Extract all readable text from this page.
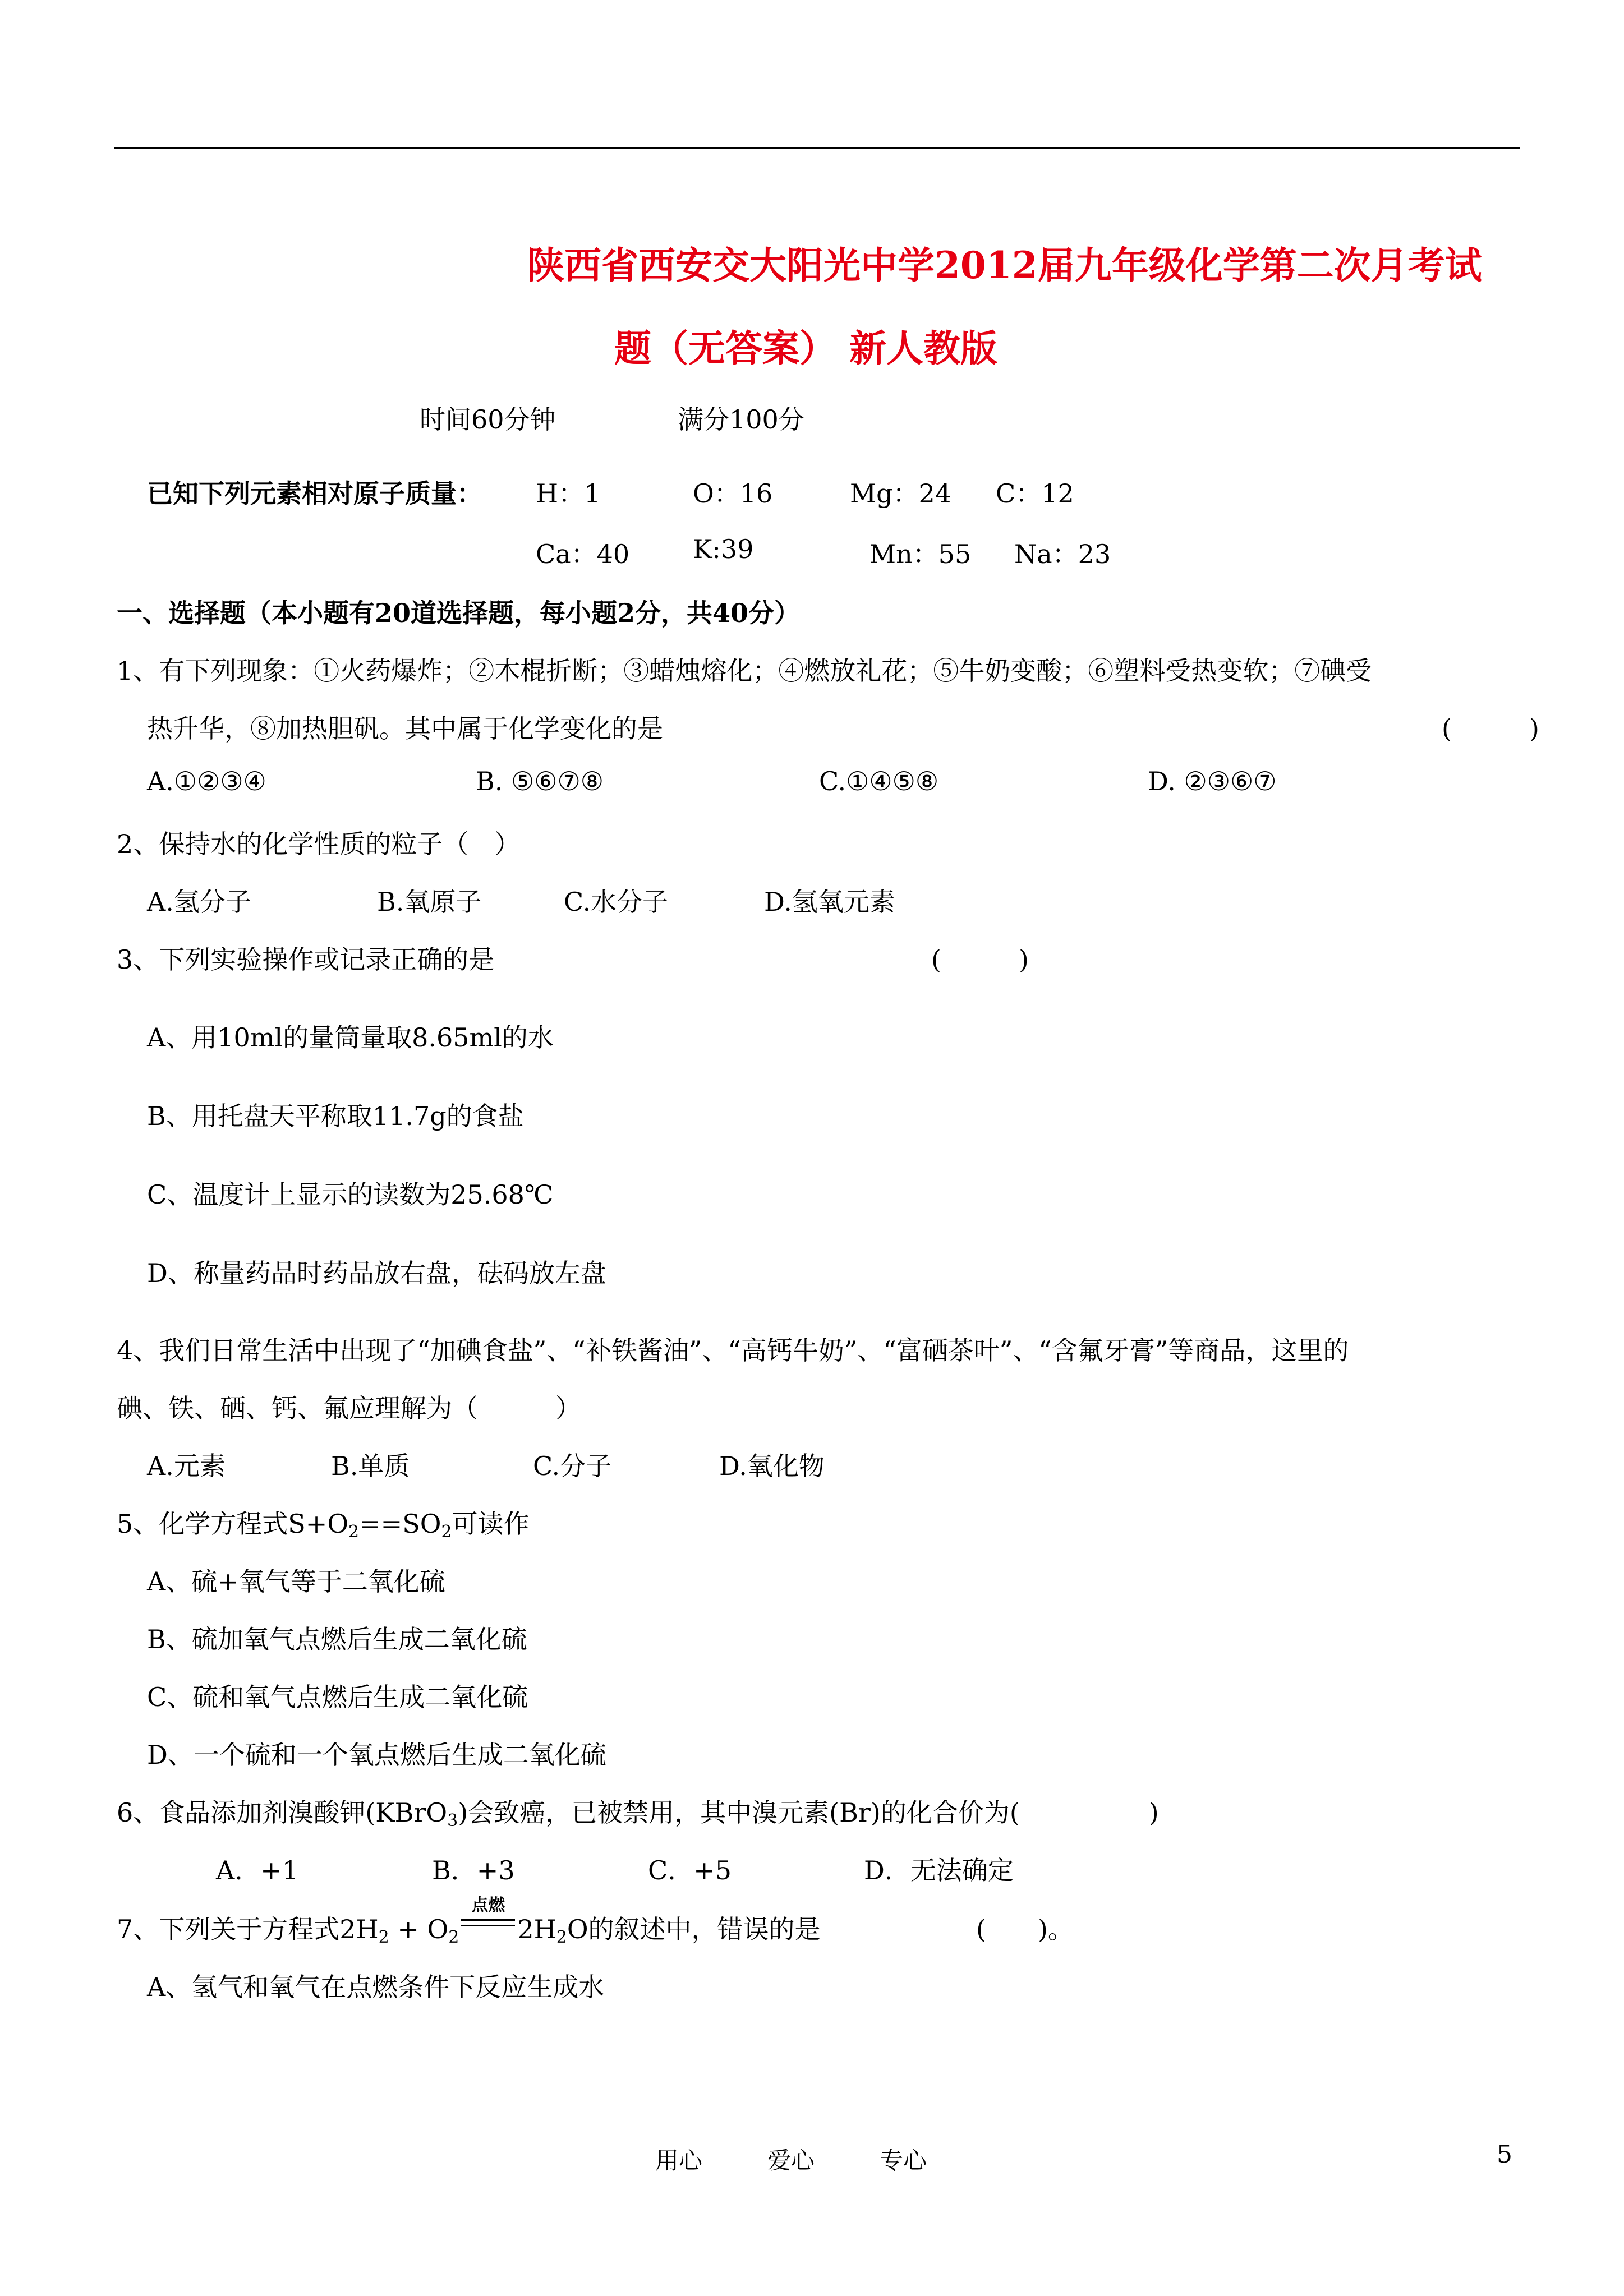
陕西省西安交大阳光中学2012届九年级化学第二次月考试
题（无答案） 新人教版
时间60分钟	满分100分
已知下列元素相对原子质量： H：1	O：16	Mg：24 C：12
Ca：40 K:39	Mn：55 Na：23
一、选择题（本小题有20道选择题，每小题2分，共40分）
1、有下列现象：①火药爆炸；②木棍折断；③蜡烛熔化；④燃放礼花；⑤牛奶变酸；⑥塑料受热变软；⑦碘受
热升华，⑧加热胆矾。其中属于化学变化的是	(　　　)
A.①②③④	B. ⑤⑥⑦⑧	C.①④⑤⑧	D. ②③⑥⑦
2、保持水的化学性质的粒子（　）
A.氢分子	B.氧原子	C.水分子	D.氢氧元素
3、下列实验操作或记录正确的是	(　　　)
A、用10ml的量筒量取8.65ml的水
B、用托盘天平称取11.7g的食盐
C、温度计上显示的读数为25.68℃
D、称量药品时药品放右盘，砝码放左盘
4、我们日常生活中出现了“加碘食盐”、“补铁酱油”、“高钙牛奶”、“富硒茶叶”、“含氟牙膏”等商品，这里的
碘、铁、硒、钙、氟应理解为（　　　）
A.元素	B.单质	C.分子	D.氧化物
5、化学方程式$S+O_2==SO_2$可读作
A、硫+氧气等于二氧化硫
B、硫加氧气点燃后生成二氧化硫
C、硫和氧气点燃后生成二氧化硫
D、一个硫和一个氧点燃后生成二氧化硫
6、食品添加剂溴酸钾(KBrO$_3$)会致癌，已被禁用，其中溴元素(Br)的化合价为(　　　　　)
A．+1	B．+3	C．+5	D．无法确定
7、下列关于方程式$2H_2 + O_2$
点燃
$2H_2O$的叙述中，错误的是	(　　)。
A、氢气和氧气在点燃条件下反应生成水
用心	爱心	专心	5
